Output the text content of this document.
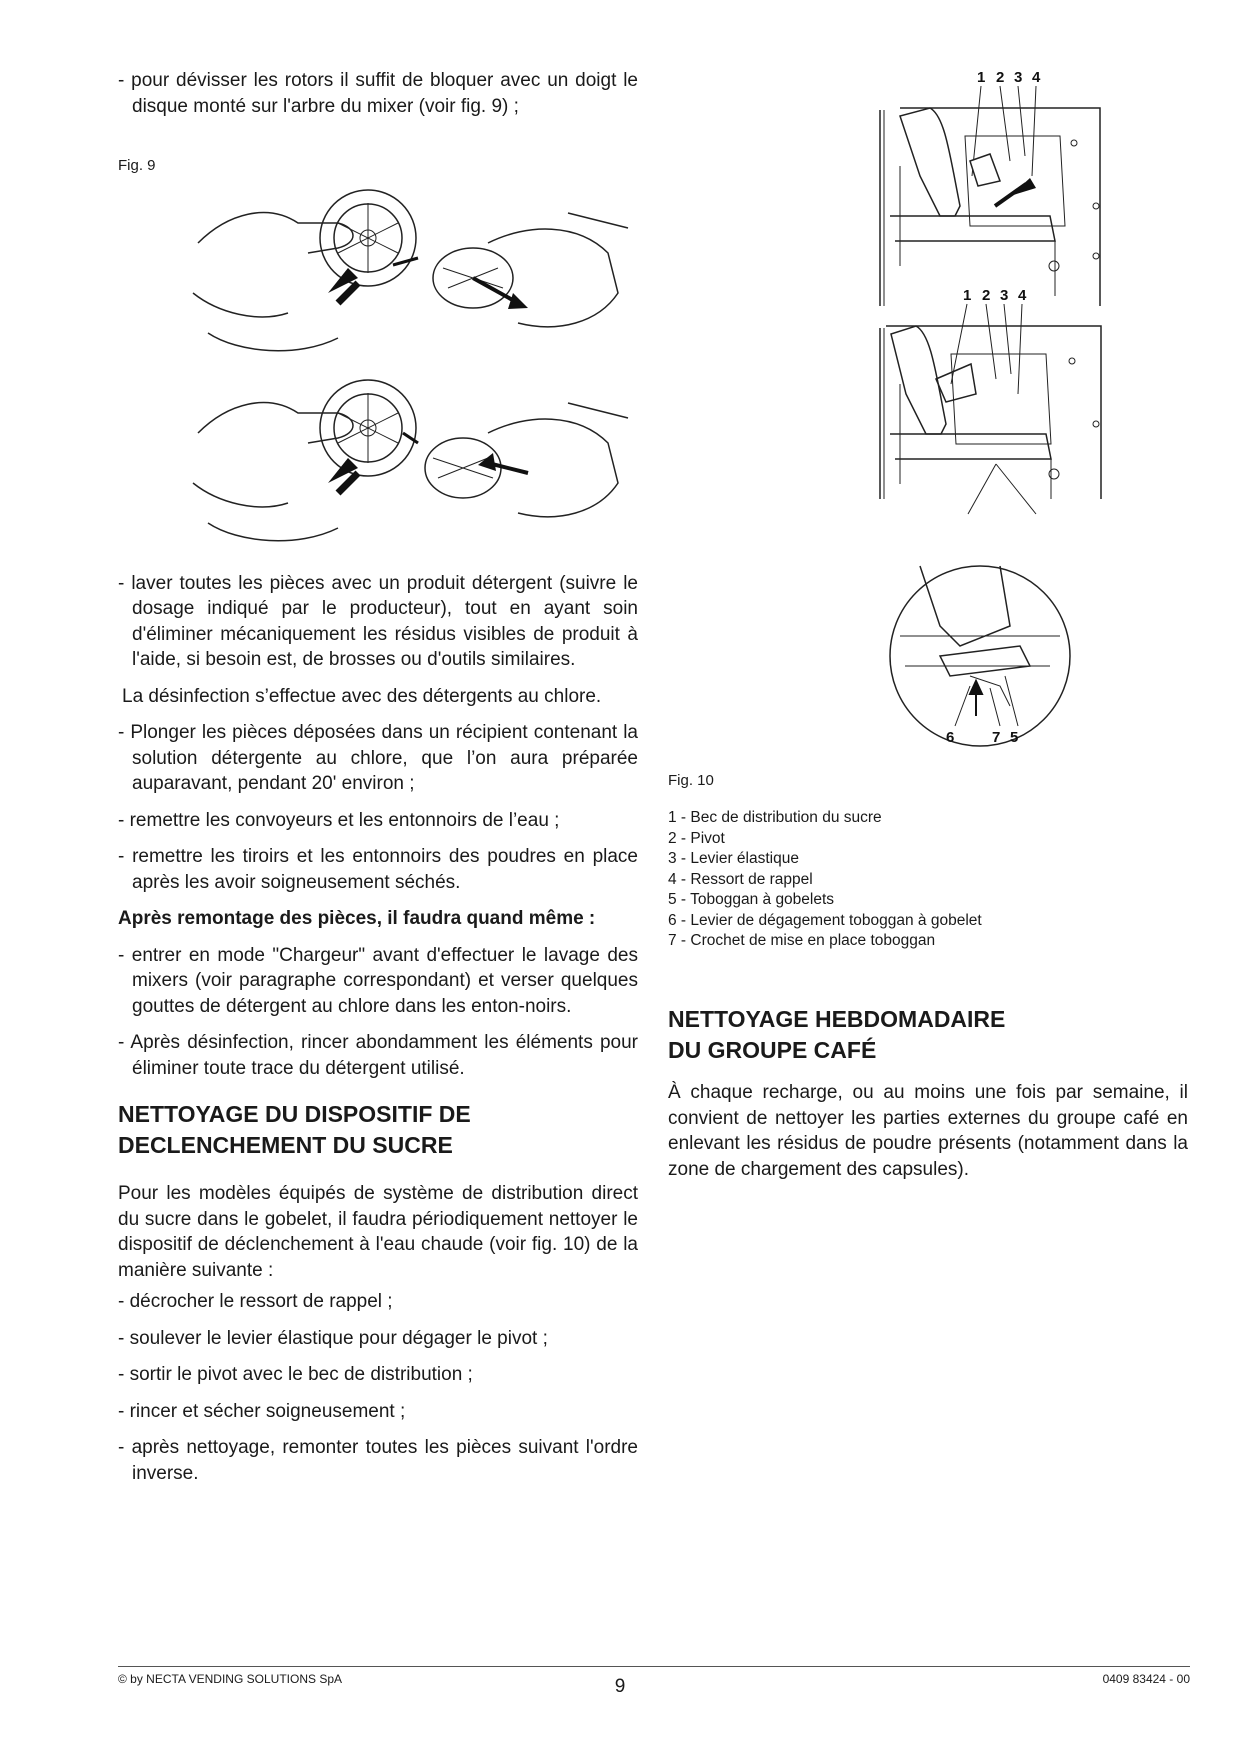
- pour dévisser les rotors il suffit de bloquer avec un doigt le disque monté sur l'arbre du mixer (voir fig. 9) ;

Fig. 9

- laver toutes les pièces avec un produit détergent (suivre le dosage indiqué par le producteur), tout en ayant soin d'éliminer mécaniquement les résidus visibles de produit à l'aide, si besoin est, de brosses ou d'outils similaires.

La désinfection s’effectue avec des détergents au chlore.

- Plonger les pièces déposées dans un récipient contenant la solution détergente au chlore, que l’on aura préparée auparavant, pendant 20' environ ;

- remettre les convoyeurs et les entonnoirs de l’eau ;

- remettre les tiroirs et les entonnoirs des poudres en place après les avoir soigneusement séchés.

Après remontage des pièces, il faudra quand même :

- entrer en mode "Chargeur" avant d'effectuer le lavage des mixers (voir paragraphe correspondant) et verser quelques gouttes de détergent au chlore dans les enton-noirs.

- Après désinfection, rincer abondamment les éléments pour éliminer toute trace du détergent utilisé.

NETTOYAGE DU DISPOSITIF DE DECLENCHEMENT DU SUCRE

Pour les modèles équipés de système de distribution direct du sucre dans le gobelet, il faudra périodiquement nettoyer le dispositif de déclenchement à l'eau chaude (voir fig. 10) de la manière suivante :

- décrocher le ressort de rappel ;

- soulever le levier élastique pour dégager le pivot ;

- sortir le pivot avec le bec de distribution ;

- rincer et sécher soigneusement ;

- après nettoyage, remonter toutes les pièces suivant l'ordre inverse.

1 2 3 4
1 2 3 4
6	7 5

Fig. 10

1 - Bec de distribution du sucre

2 - Pivot

3 - Levier élastique

4 - Ressort de rappel

5 - Toboggan à gobelets

6 - Levier de dégagement toboggan à gobelet

7 - Crochet de mise en place toboggan

NETTOYAGE HEBDOMADAIRE
DU GROUPE CAFÉ

À chaque recharge, ou au moins une fois par semaine, il convient de nettoyer les parties externes du groupe café en enlevant les résidus de poudre présents (notamment dans la zone de chargement des capsules).

© by NECTA VENDING SOLUTIONS SpA	9	0409 83424 - 00
